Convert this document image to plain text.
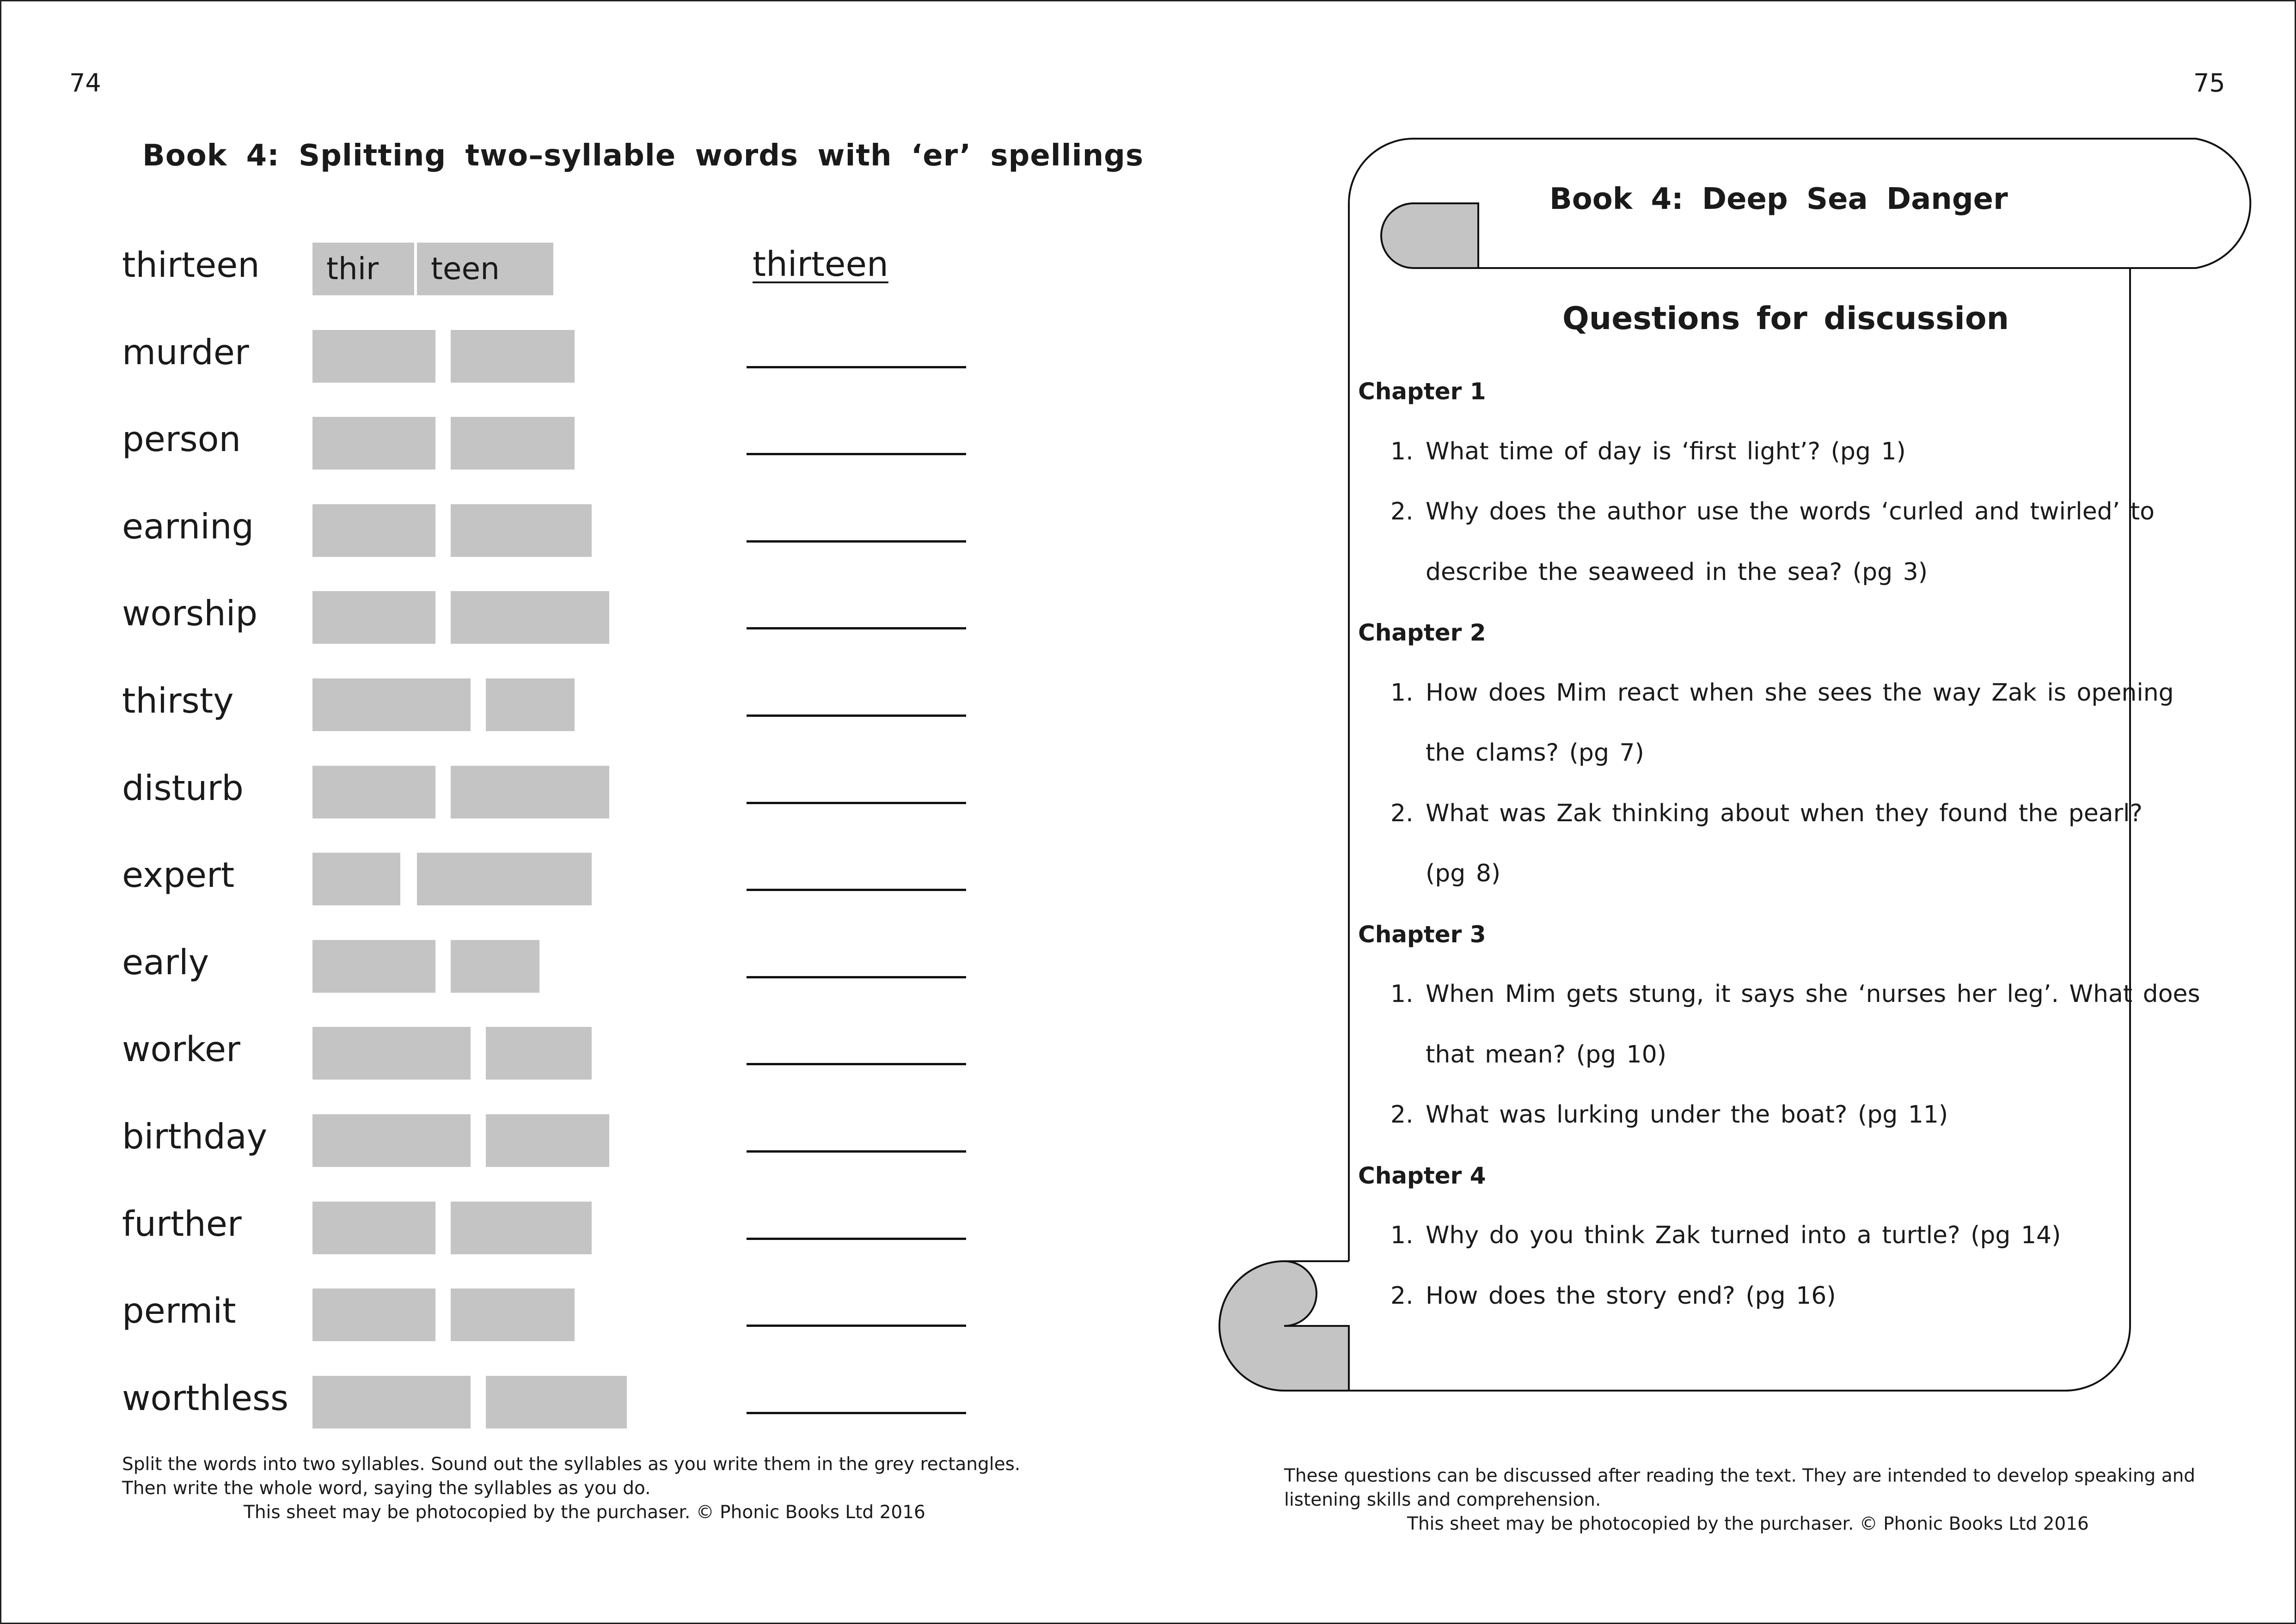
74
Book 4: Splitting two–syllable words with ‘er’ spellings
thirteen	thir	teen	thirteen
murder
person
earning
worship
thirsty
disturb
expert
early
worker
birthday
further
permit
worthless
Split the words into two syllables. Sound out the syllables as you write them in the grey rectangles.
Then write the whole word, saying the syllables as you do.
This sheet may be photocopied by the purchaser. © Phonic Books Ltd 2016
75
Book 4: Deep Sea Danger
Questions for discussion
Chapter 1
1. What time of day is ‘first light’? (pg 1)
2. Why does the author use the words ‘curled and twirled’ to
describe the seaweed in the sea? (pg 3)
Chapter 2
1. How does Mim react when she sees the way Zak is opening
the clams? (pg 7)
2. What was Zak thinking about when they found the pearl?
(pg 8)
Chapter 3
1. When Mim gets stung, it says she ‘nurses her leg’. What does
that mean? (pg 10)
2. What was lurking under the boat? (pg 11)
Chapter 4
1. Why do you think Zak turned into a turtle? (pg 14)
2. How does the story end? (pg 16)
These questions can be discussed after reading the text. They are intended to develop speaking and
listening skills and comprehension.
This sheet may be photocopied by the purchaser. © Phonic Books Ltd 2016
